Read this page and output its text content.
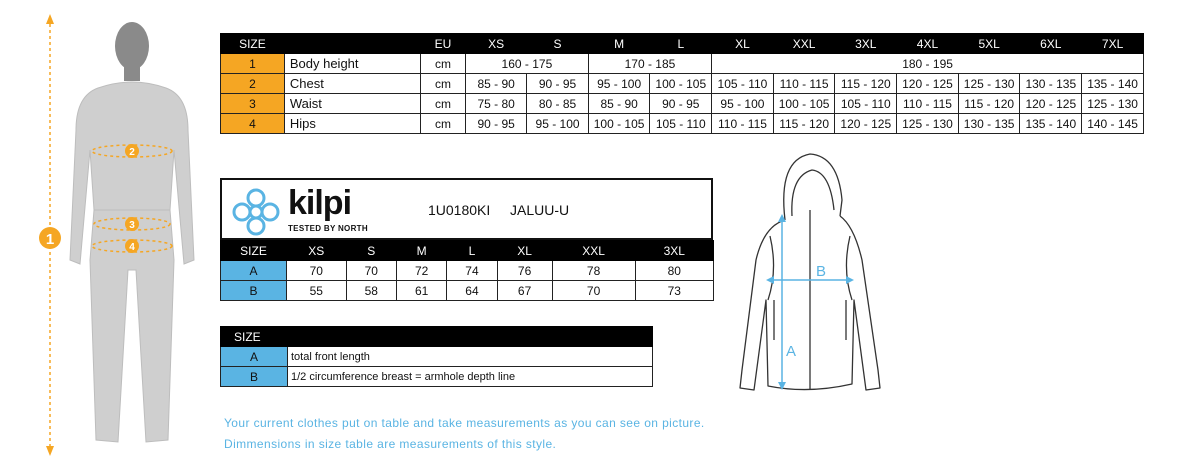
1
2
3
4
SIZE		EU	XS	S	M	L	XL	XXL	3XL	4XL	5XL	6XL	7XL
1	Body height	cm	160 - 175		170 - 185		180 - 195						
2	Chest	cm	85 - 90	90 - 95	95 - 100	100 - 105	105 - 110	110 - 115	115 - 120	120 - 125	125 - 130	130 - 135	135 - 140
3	Waist	cm	75 - 80	80 - 85	85 - 90	90 - 95	95 - 100	100 - 105	105 - 110	110 - 115	115 - 120	120 - 125	125 - 130
4	Hips	cm	90 - 95	95 - 100	100 - 105	105 - 110	110 - 115	115 - 120	120 - 125	125 - 130	130 - 135	135 - 140	140 - 145
kilpi
TESTED BY NORTH
1U0180KI JALUU-U
SIZE	XS	S	M	L	XL	XXL	3XL
A	70	70	72	74	76	78	80
B	55	58	61	64	67	70	73
SIZE	
A	total front length
B	1/2 circumference breast = armhole depth line
A
B
Your current clothes put on table and take measurements as you can see on picture.
Dimmensions in size table are measurements of this style.
